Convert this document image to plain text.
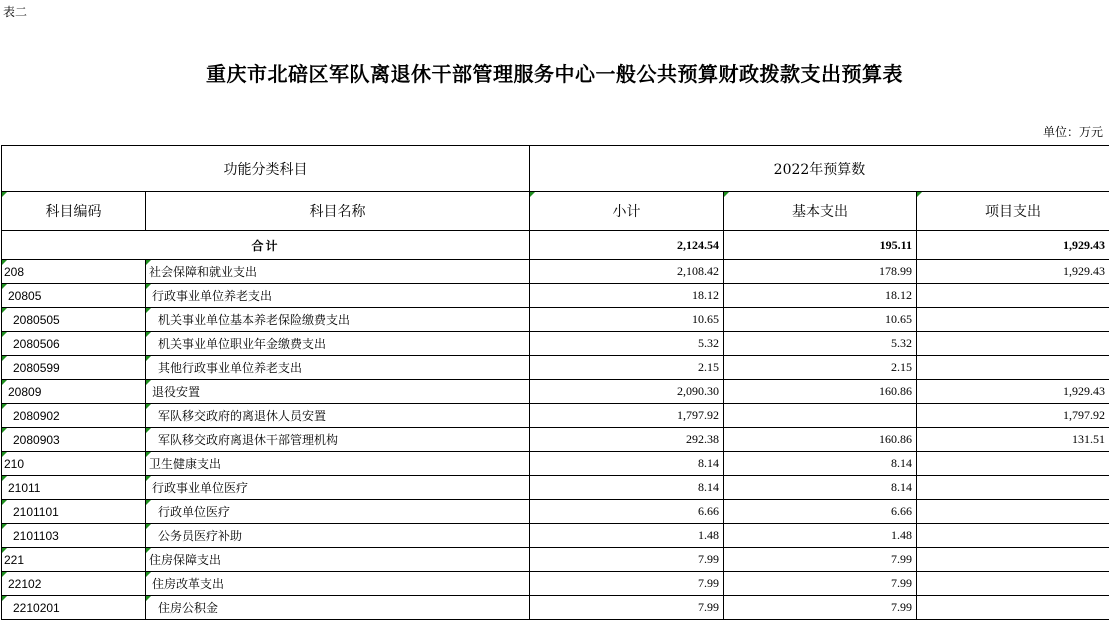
表二
重庆市北碚区军队离退休干部管理服务中心一般公共预算财政拨款支出预算表
单位：万元
功能分类科目		2022年预算数		
科目编码	科目名称	小计	基本支出	项目支出
合计		2,124.54	195.11	1,929.43
208	社会保障和就业支出	2,108.42	178.99	1,929.43
20805	行政事业单位养老支出	18.12	18.12	
2080505	机关事业单位基本养老保险缴费支出	10.65	10.65	
2080506	机关事业单位职业年金缴费支出	5.32	5.32	
2080599	其他行政事业单位养老支出	2.15	2.15	
20809	退役安置	2,090.30	160.86	1,929.43
2080902	军队移交政府的离退休人员安置	1,797.92		1,797.92
2080903	军队移交政府离退休干部管理机构	292.38	160.86	131.51
210	卫生健康支出	8.14	8.14	
21011	行政事业单位医疗	8.14	8.14	
2101101	行政单位医疗	6.66	6.66	
2101103	公务员医疗补助	1.48	1.48	
221	住房保障支出	7.99	7.99	
22102	住房改革支出	7.99	7.99	
2210201	住房公积金	7.99	7.99	
